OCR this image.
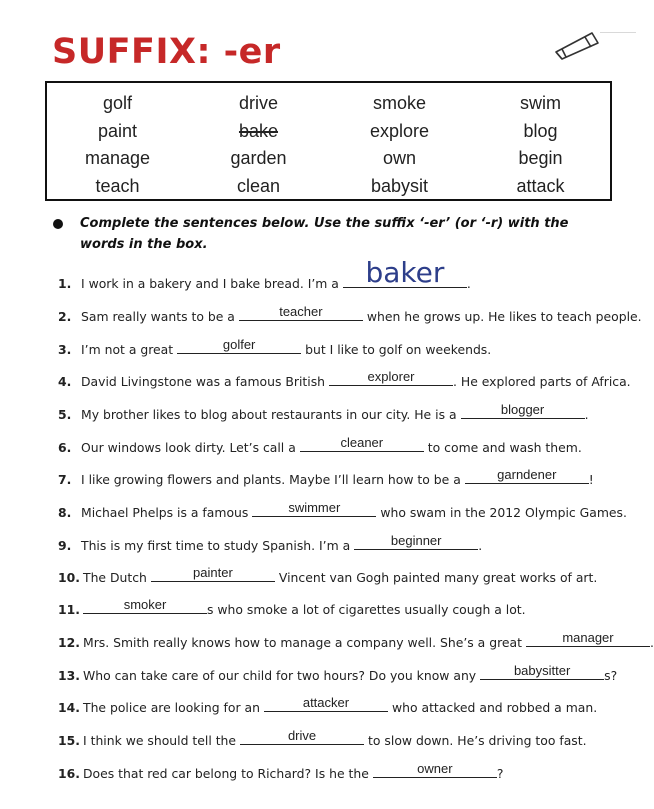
SUFFIX: -er
golf	drive	smoke	swim
paint	bake	explore	blog
manage	garden	own	begin
teach	clean	babysit	attack

Complete the sentences below. Use the suffix ‘-er’ (or ‘-r) with the words in the box.

1. I work in a bakery and I bake bread. I’m a baker	.
2. Sam really wants to be a	teacher	when he grows up. He likes to teach people.
3. I’m not a great	golfer	but I like to golf on weekends.
4. David Livingstone was a famous British	explorer	. He explored parts of Africa.
5. My brother likes to blog about restaurants in our city. He is a	blogger	.
6. Our windows look dirty. Let’s call a	cleaner	to come and wash them.
7. I like growing flowers and plants. Maybe I’ll learn how to be a	garndener	!
8. Michael Phelps is a famous	swimmer	who swam in the 2012 Olympic Games.
9. This is my first time to study Spanish. I’m a	beginner	.
10. The Dutch	painter	Vincent van Gogh painted many great works of art.
11.	smoker	s who smoke a lot of cigarettes usually cough a lot.
12. Mrs. Smith really knows how to manage a company well. She’s a great	manager	.
13. Who can take care of our child for two hours? Do you know any	babysitter	s?
14. The police are looking for an	attacker	who attacked and robbed a man.
15. I think we should tell the	drive	to slow down. He’s driving too fast.
16. Does that red car belong to Richard? Is he the	owner	?
